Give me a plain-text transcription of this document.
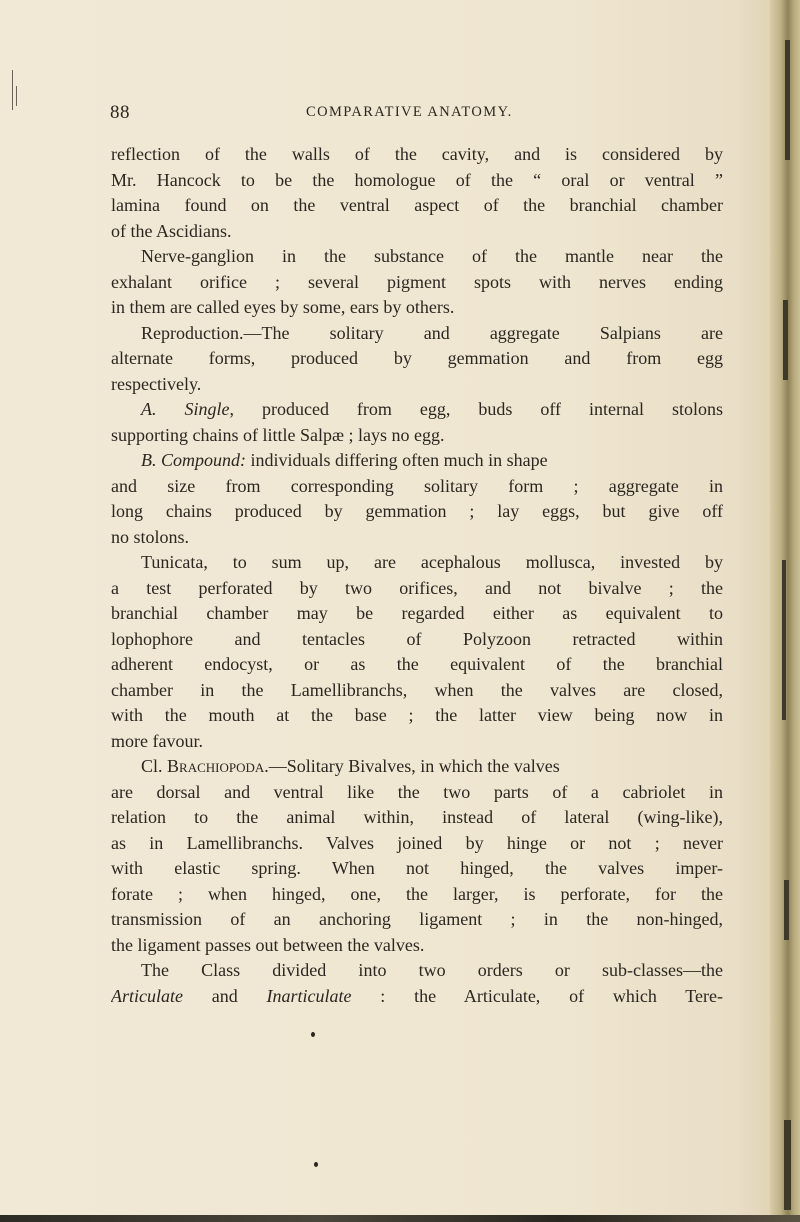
88	COMPARATIVE ANATOMY.
reflection of the walls of the cavity, and is considered by
Mr. Hancock to be the homologue of the “ oral or ventral ”
lamina found on the ventral aspect of the branchial chamber
of the Ascidians.
Nerve-ganglion in the substance of the mantle near the
exhalant orifice ; several pigment spots with nerves ending
in them are called eyes by some, ears by others.
Reproduction.—The solitary and aggregate Salpians are
alternate forms, produced by gemmation and from egg
respectively.
A. Single, produced from egg, buds off internal stolons
supporting chains of little Salpæ ; lays no egg.
B. Compound: individuals differing often much in shape
and size from corresponding solitary form ; aggregate in
long chains produced by gemmation ; lay eggs, but give off
no stolons.
Tunicata, to sum up, are acephalous mollusca, invested by
a test perforated by two orifices, and not bivalve ; the
branchial chamber may be regarded either as equivalent to
lophophore and tentacles of Polyzoon retracted within
adherent endocyst, or as the equivalent of the branchial
chamber in the Lamellibranchs, when the valves are closed,
with the mouth at the base ; the latter view being now in
more favour.
Cl. Brachiopoda.—Solitary Bivalves, in which the valves
are dorsal and ventral like the two parts of a cabriolet in
relation to the animal within, instead of lateral (wing-like),
as in Lamellibranchs. Valves joined by hinge or not ; never
with elastic spring. When not hinged, the valves imper-
forate ; when hinged, one, the larger, is perforate, for the
transmission of an anchoring ligament ; in the non-hinged,
the ligament passes out between the valves.
The Class divided into two orders or sub-classes—the
Articulate and Inarticulate : the Articulate, of which Tere-
